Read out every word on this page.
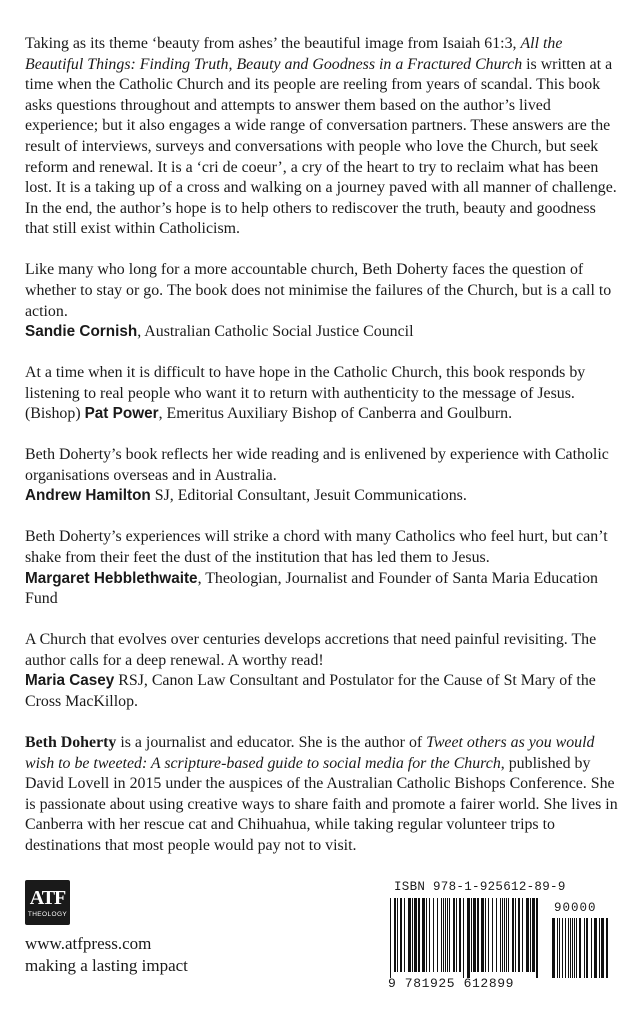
Taking as its theme ‘beauty from ashes’ the beautiful image from Isaiah 61:3, All the Beautiful Things: Finding Truth, Beauty and Goodness in a Fractured Church is written at a time when the Catholic Church and its people are reeling from years of scandal. This book asks questions throughout and attempts to answer them based on the author’s lived experience; but it also engages a wide range of conversation partners. These answers are the result of interviews, surveys and conversations with people who love the Church, but seek reform and renewal. It is a ‘cri de coeur’, a cry of the heart to try to reclaim what has been lost. It is a taking up of a cross and walking on a journey paved with all manner of challenge. In the end, the author’s hope is to help others to rediscover the truth, beauty and goodness that still exist within Catholicism.

Like many who long for a more accountable church, Beth Doherty faces the question of whether to stay or go. The book does not minimise the failures of the Church, but is a call to action.
Sandie Cornish, Australian Catholic Social Justice Council

At a time when it is difficult to have hope in the Catholic Church, this book responds by listening to real people who want it to return with authenticity to the message of Jesus.
(Bishop) Pat Power, Emeritus Auxiliary Bishop of Canberra and Goulburn.

Beth Doherty’s book reflects her wide reading and is enlivened by experience with Catholic organisations overseas and in Australia.
Andrew Hamilton SJ, Editorial Consultant, Jesuit Communications.

Beth Doherty’s experiences will strike a chord with many Catholics who feel hurt, but can’t shake from their feet the dust of the institution that has led them to Jesus.
Margaret Hebblethwaite, Theologian, Journalist and Founder of Santa Maria Education Fund

A Church that evolves over centuries develops accretions that need painful revisiting. The author calls for a deep renewal. A worthy read!
Maria Casey RSJ, Canon Law Consultant and Postulator for the Cause of St Mary of the Cross MacKillop.

Beth Doherty is a journalist and educator. She is the author of Tweet others as you would wish to be tweeted: A scripture-based guide to social media for the Church, published by David Lovell in 2015 under the auspices of the Australian Catholic Bishops Conference. She is passionate about using creative ways to share faith and promote a fairer world. She lives in Canberra with her rescue cat and Chihuahua, while taking regular volunteer trips to destinations that most people would pay not to visit.

ATF
THEOLOGY
www.atfpress.com
making a lasting impact
ISBN 978-1-925612-89-9
90000
9 781925 612899
